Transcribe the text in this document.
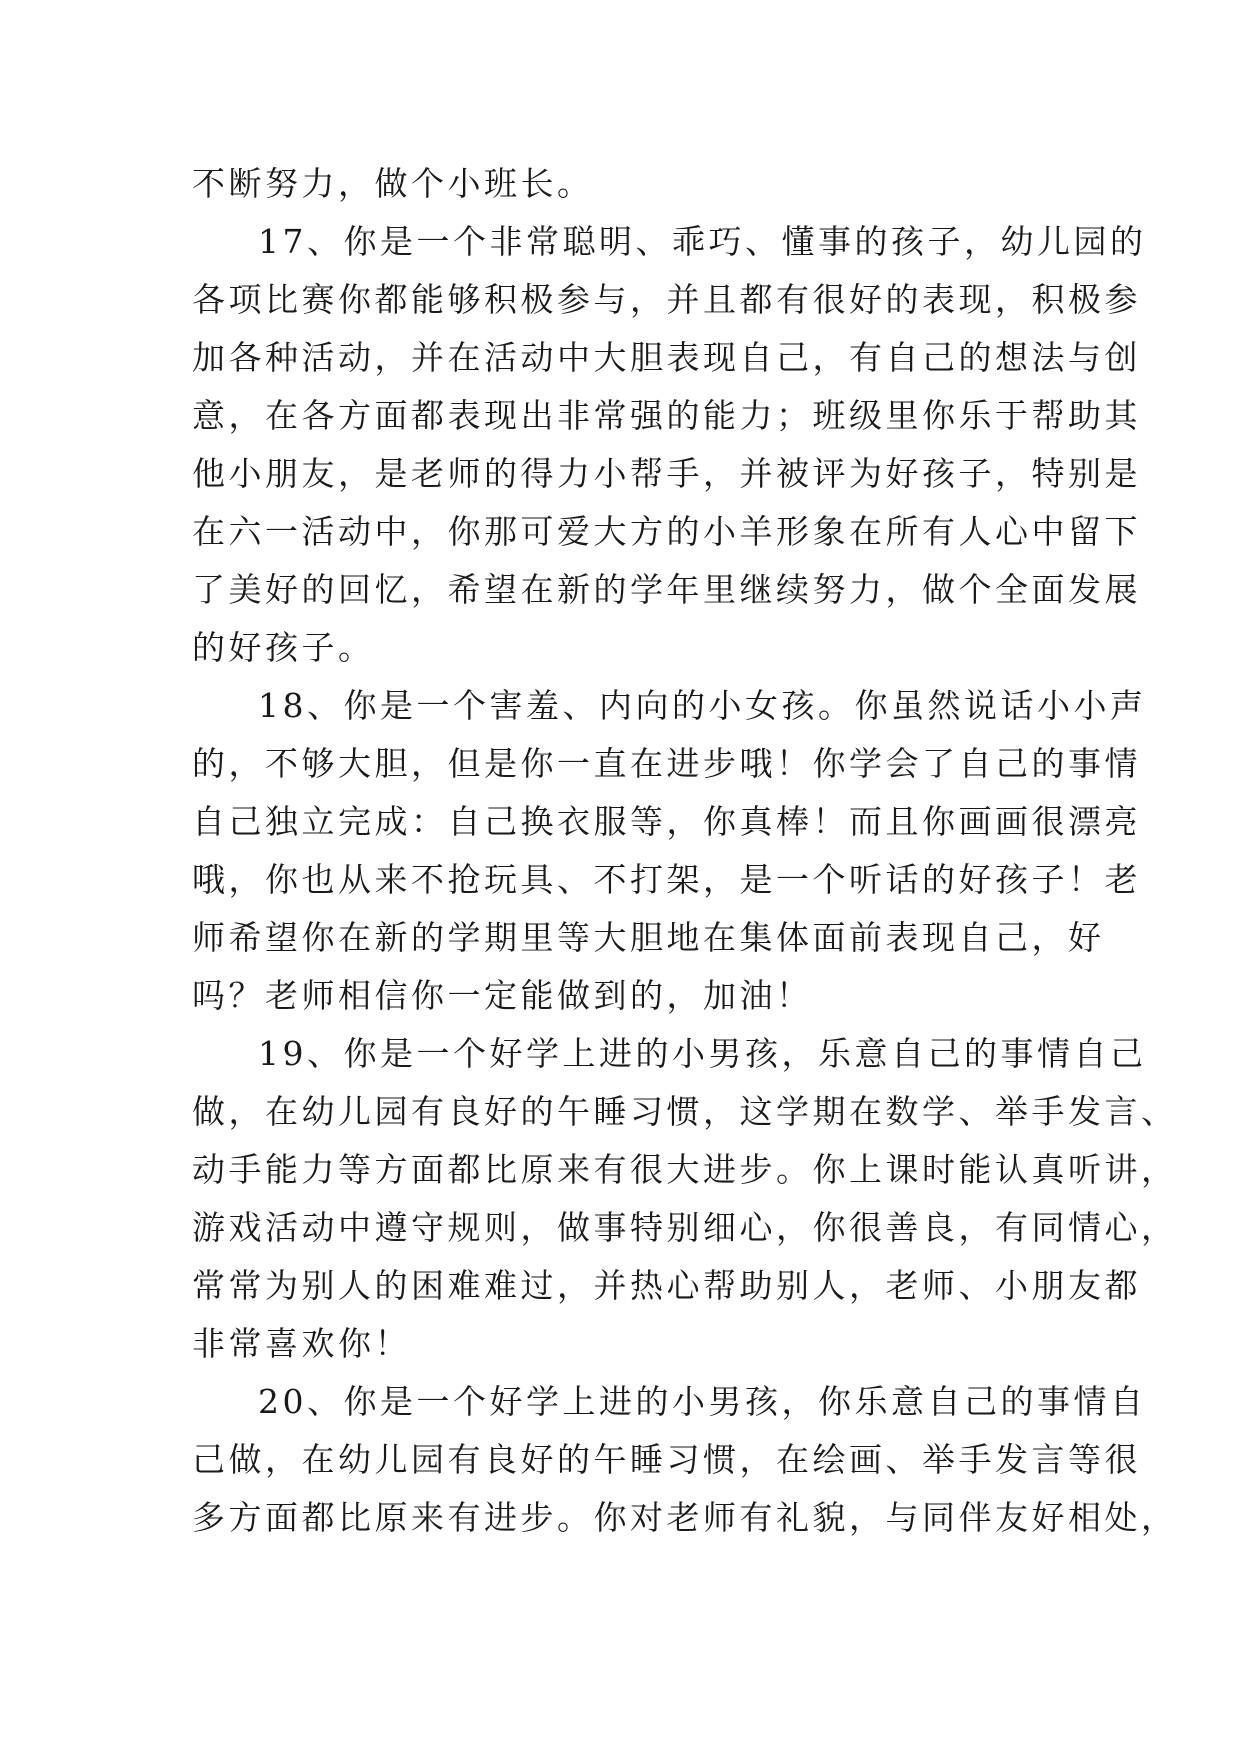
不断努力，做个小班长。
17、你是一个非常聪明、乖巧、懂事的孩子，幼儿园的
各项比赛你都能够积极参与，并且都有很好的表现，积极参
加各种活动，并在活动中大胆表现自己，有自己的想法与创
意，在各方面都表现出非常强的能力；班级里你乐于帮助其
他小朋友，是老师的得力小帮手，并被评为好孩子，特别是
在六一活动中，你那可爱大方的小羊形象在所有人心中留下
了美好的回忆，希望在新的学年里继续努力，做个全面发展
的好孩子。
18、你是一个害羞、内向的小女孩。你虽然说话小小声
的，不够大胆，但是你一直在进步哦！你学会了自己的事情
自己独立完成：自己换衣服等，你真棒！而且你画画很漂亮
哦，你也从来不抢玩具、不打架，是一个听话的好孩子！老
师希望你在新的学期里等大胆地在集体面前表现自己，好
吗？老师相信你一定能做到的，加油！
19、你是一个好学上进的小男孩，乐意自己的事情自己
做，在幼儿园有良好的午睡习惯，这学期在数学、举手发言、
动手能力等方面都比原来有很大进步。你上课时能认真听讲，
游戏活动中遵守规则，做事特别细心，你很善良，有同情心，
常常为别人的困难难过，并热心帮助别人，老师、小朋友都
非常喜欢你！
20、你是一个好学上进的小男孩，你乐意自己的事情自
己做，在幼儿园有良好的午睡习惯，在绘画、举手发言等很
多方面都比原来有进步。你对老师有礼貌，与同伴友好相处，
